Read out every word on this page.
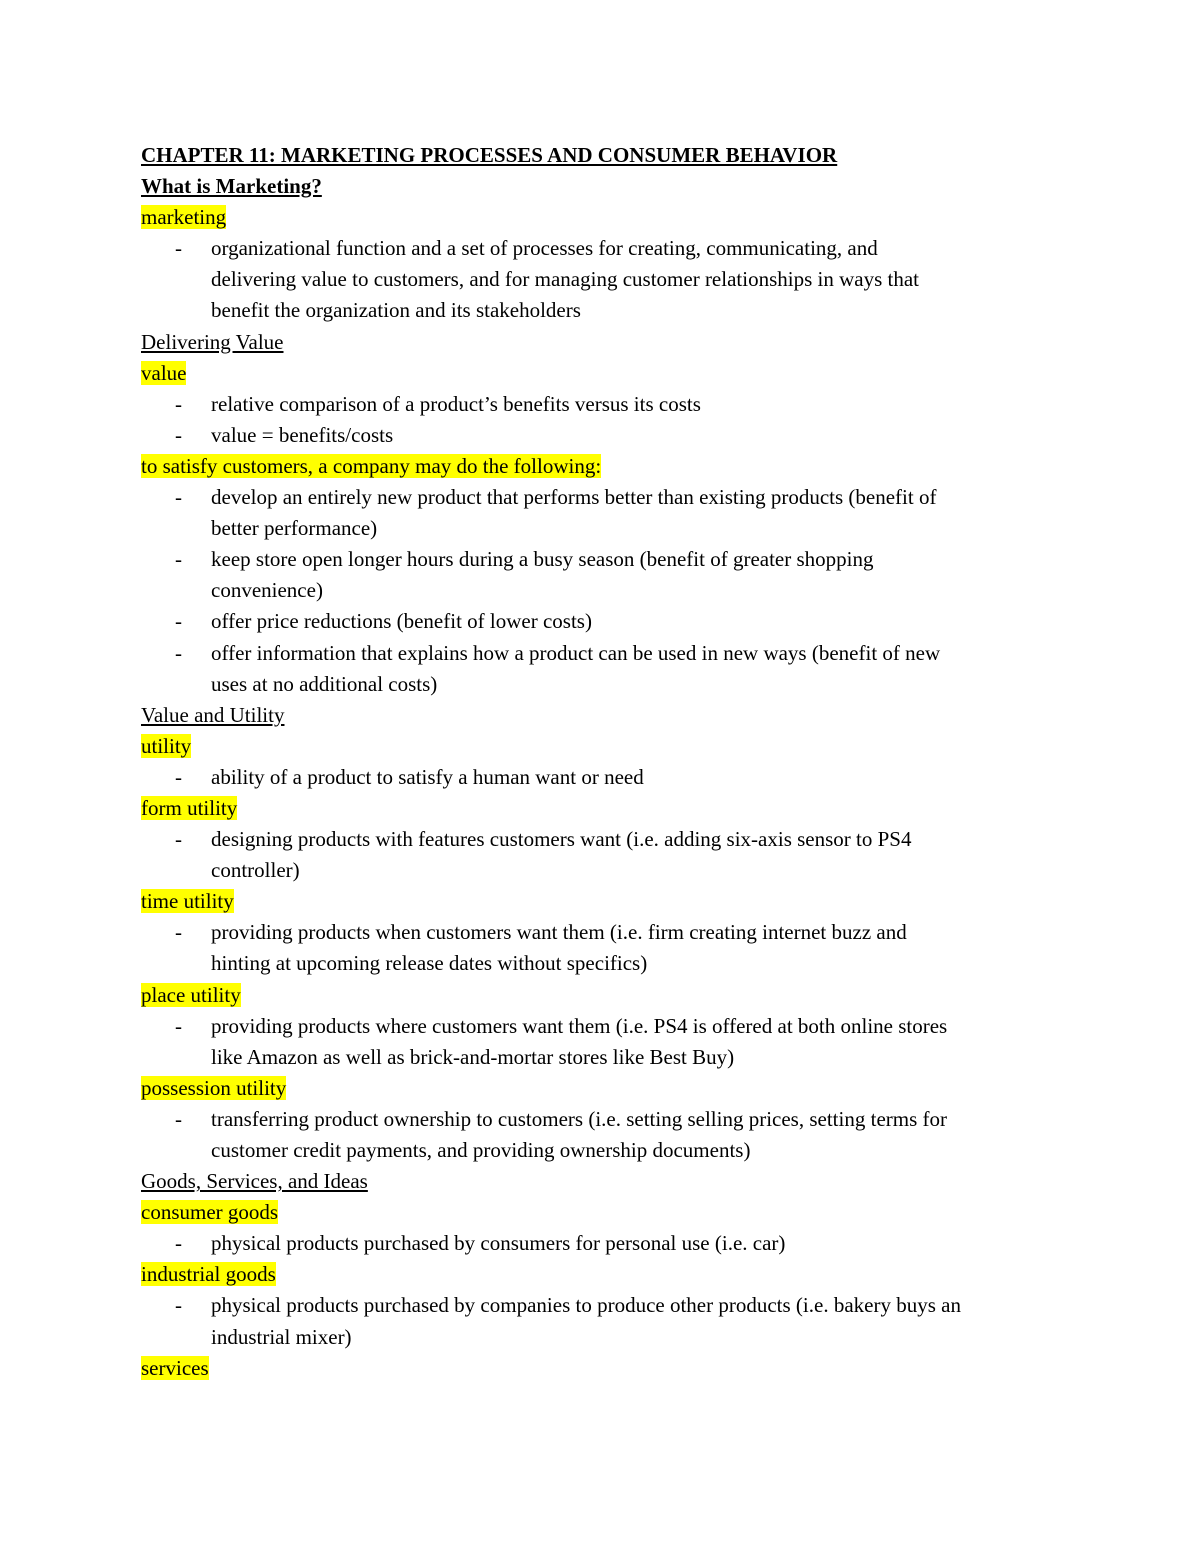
CHAPTER 11: MARKETING PROCESSES AND CONSUMER BEHAVIOR
What is Marketing?
marketing
- organizational function and a set of processes for creating, communicating, and
delivering value to customers, and for managing customer relationships in ways that
benefit the organization and its stakeholders
Delivering Value
value
- relative comparison of a product’s benefits versus its costs
- value = benefits/costs
to satisfy customers, a company may do the following:
- develop an entirely new product that performs better than existing products (benefit of
better performance)
- keep store open longer hours during a busy season (benefit of greater shopping
convenience)
- offer price reductions (benefit of lower costs)
- offer information that explains how a product can be used in new ways (benefit of new
uses at no additional costs)
Value and Utility
utility
- ability of a product to satisfy a human want or need
form utility
- designing products with features customers want (i.e. adding six-axis sensor to PS4
controller)
time utility
- providing products when customers want them (i.e. firm creating internet buzz and
hinting at upcoming release dates without specifics)
place utility
- providing products where customers want them (i.e. PS4 is offered at both online stores
like Amazon as well as brick-and-mortar stores like Best Buy)
possession utility
- transferring product ownership to customers (i.e. setting selling prices, setting terms for
customer credit payments, and providing ownership documents)
Goods, Services, and Ideas
consumer goods
- physical products purchased by consumers for personal use (i.e. car)
industrial goods
- physical products purchased by companies to produce other products (i.e. bakery buys an
industrial mixer)
services
